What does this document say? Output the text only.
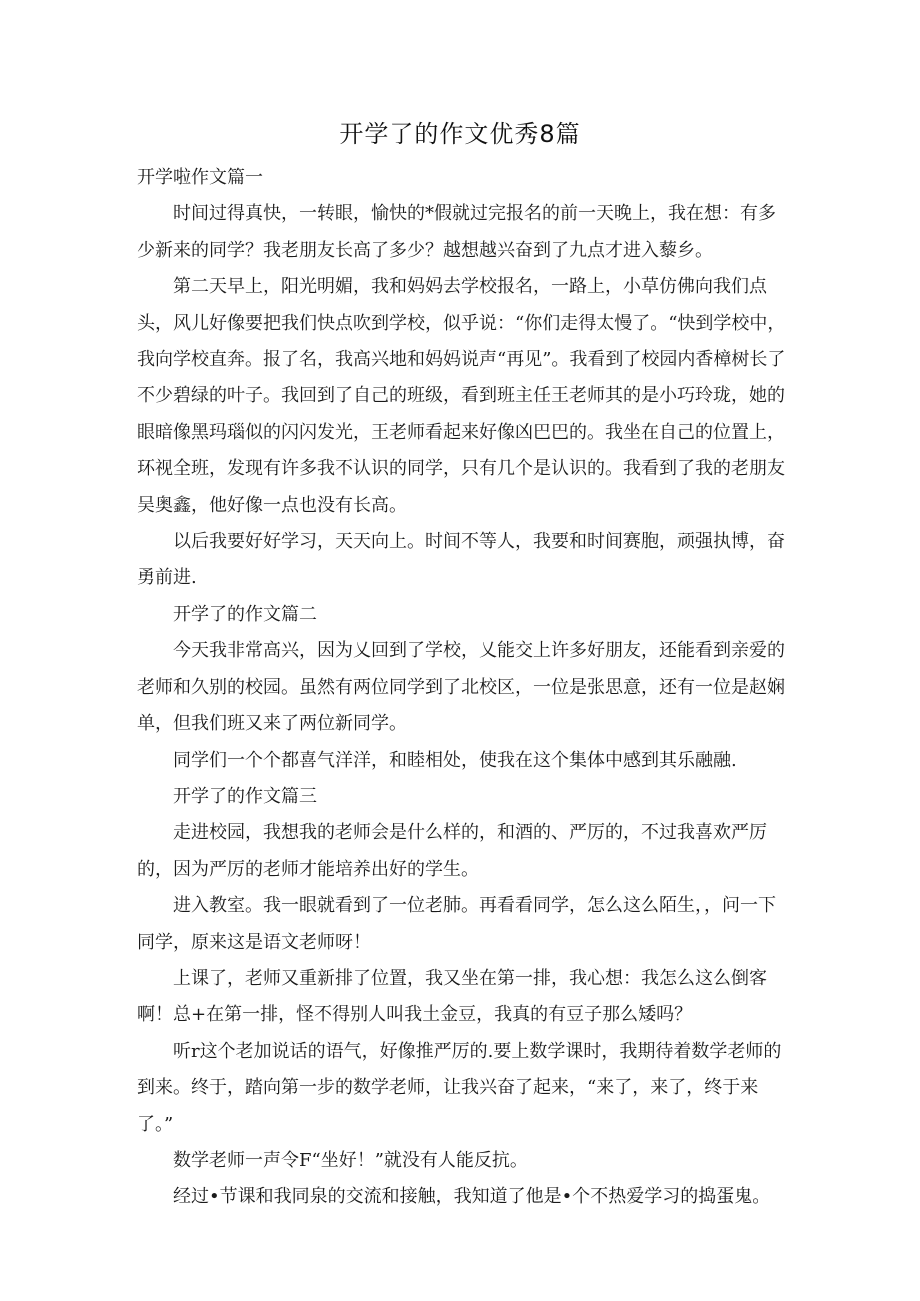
开学了的作文优秀8篇

开学啦作文篇一

时间过得真快，一转眼，愉快的*假就过完报名的前一天晚上，我在想：有多少新来的同学？我老朋友长高了多少？越想越兴奋到了九点才进入藜乡。

第二天早上，阳光明媚，我和妈妈去学校报名，一路上，小草仿佛向我们点头，风儿好像要把我们快点吹到学校，似乎说：“你们走得太慢了。“快到学校中，我向学校直奔。报了名，我高兴地和妈妈说声“再见”。我看到了校园内香樟树长了不少碧绿的叶子。我回到了自己的班级，看到班主任王老师其的是小巧玲珑，她的眼暗像黑玛瑙似的闪闪发光，王老师看起来好像凶巴巴的。我坐在自己的位置上，环视全班，发现有许多我不认识的同学，只有几个是认识的。我看到了我的老朋友吴奥鑫，他好像一点也没有长高。

以后我要好好学习，天天向上。时间不等人，我要和时间赛胞，顽强执博，奋勇前进.

开学了的作文篇二

今天我非常高兴，因为乂回到了学校，乂能交上许多好朋友，还能看到亲爱的老师和久别的校园。虽然有两位同学到了北校区，一位是张思意，还有一位是赵娴单，但我们班又来了两位新同学。

同学们一个个都喜气洋洋，和睦相处，使我在这个集体中感到其乐融融.

开学了的作文篇三

走进校园，我想我的老师会是什么样的，和酒的、严厉的，不过我喜欢严厉的，因为严厉的老师才能培养出好的学生。

进入教室。我一眼就看到了一位老肺。再看看同学，怎么这么陌生，，问一下同学，原来这是语文老师呀！

上课了，老师又重新排了位置，我又坐在第一排，我心想：我怎么这么倒客啊！总+在第一排，怪不得别人叫我土金豆，我真的有豆子那么矮吗？

听r这个老加说话的语气，好像推严厉的.要上数学课时，我期待着数学老师的到来。终于，踏向第一步的数学老师，让我兴奋了起来，“来了，来了，终于来了。”

数学老师一声令F“坐好！”就没有人能反抗。

经过•节课和我同泉的交流和接触，我知道了他是•个不热爱学习的捣蛋鬼。
